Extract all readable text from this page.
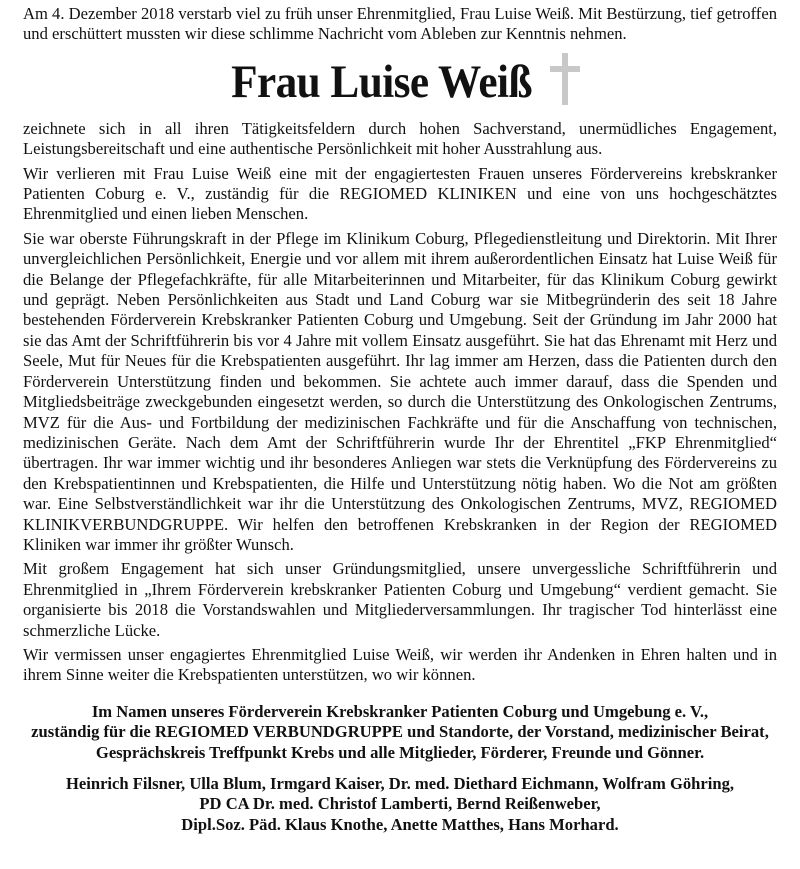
Am 4. Dezember 2018 verstarb viel zu früh unser Ehrenmitglied, Frau Luise Weiß. Mit Bestürzung, tief getroffen und erschüttert mussten wir diese schlimme Nachricht vom Ableben zur Kenntnis nehmen.

Frau Luise Weiß

zeichnete sich in all ihren Tätigkeitsfeldern durch hohen Sachverstand, unermüdliches Engagement, Leistungsbereitschaft und eine authentische Persönlichkeit mit hoher Ausstrahlung aus.

Wir verlieren mit Frau Luise Weiß eine mit der engagiertesten Frauen unseres Fördervereins krebskranker Patienten Coburg e. V., zuständig für die REGIOMED KLINIKEN und eine von uns hochgeschätztes Ehrenmitglied und einen lieben Menschen.

Sie war oberste Führungskraft in der Pflege im Klinikum Coburg, Pflegedienstleitung und Direktorin. Mit Ihrer unvergleichlichen Persönlichkeit, Energie und vor allem mit ihrem außerordentlichen Einsatz hat Luise Weiß für die Belange der Pflegefachkräfte, für alle Mitarbeiterinnen und Mitarbeiter, für das Klinikum Coburg gewirkt und geprägt. Neben Persönlichkeiten aus Stadt und Land Coburg war sie Mitbegründerin des seit 18 Jahre bestehenden Förderverein Krebskranker Patienten Coburg und Umgebung. Seit der Gründung im Jahr 2000 hat sie das Amt der Schriftführerin bis vor 4 Jahre mit vollem Einsatz ausgeführt. Sie hat das Ehrenamt mit Herz und Seele, Mut für Neues für die Krebspatienten ausgeführt. Ihr lag immer am Herzen, dass die Patienten durch den Förderverein Unterstützung finden und bekommen. Sie achtete auch immer darauf, dass die Spenden und Mitgliedsbeiträge zweckgebunden eingesetzt werden, so durch die Unterstützung des Onkologischen Zentrums, MVZ für die Aus- und Fortbildung der medizinischen Fachkräfte und für die Anschaffung von technischen, medizinischen Geräte. Nach dem Amt der Schriftführerin wurde Ihr der Ehrentitel „FKP Ehrenmitglied“ übertragen. Ihr war immer wichtig und ihr besonderes Anliegen war stets die Verknüpfung des Fördervereins zu den Krebspatientinnen und Krebspatienten, die Hilfe und Unterstützung nötig haben. Wo die Not am größten war. Eine Selbstverständlichkeit war ihr die Unterstützung des Onkologischen Zentrums, MVZ, REGIOMED KLINIKVERBUNDGRUPPE. Wir helfen den betroffenen Krebskranken in der Region der REGIOMED Kliniken war immer ihr größter Wunsch.

Mit großem Engagement hat sich unser Gründungsmitglied, unsere unvergessliche Schriftführerin und Ehrenmitglied in „Ihrem Förderverein krebskranker Patienten Coburg und Umgebung“ verdient gemacht. Sie organisierte bis 2018 die Vorstandswahlen und Mitgliederversammlungen. Ihr tragischer Tod hinterlässt eine schmerzliche Lücke.

Wir vermissen unser engagiertes Ehrenmitglied Luise Weiß, wir werden ihr Andenken in Ehren halten und in ihrem Sinne weiter die Krebspatienten unterstützen, wo wir können.

Im Namen unseres Förderverein Krebskranker Patienten Coburg und Umgebung e. V.,
zuständig für die REGIOMED VERBUNDGRUPPE und Standorte, der Vorstand, medizinischer Beirat,
Gesprächskreis Treffpunkt Krebs und alle Mitglieder, Förderer, Freunde und Gönner.
Heinrich Filsner, Ulla Blum, Irmgard Kaiser, Dr. med. Diethard Eichmann, Wolfram Göhring,
PD CA Dr. med. Christof Lamberti, Bernd Reißenweber,
Dipl.Soz. Päd. Klaus Knothe, Anette Matthes, Hans Morhard.
